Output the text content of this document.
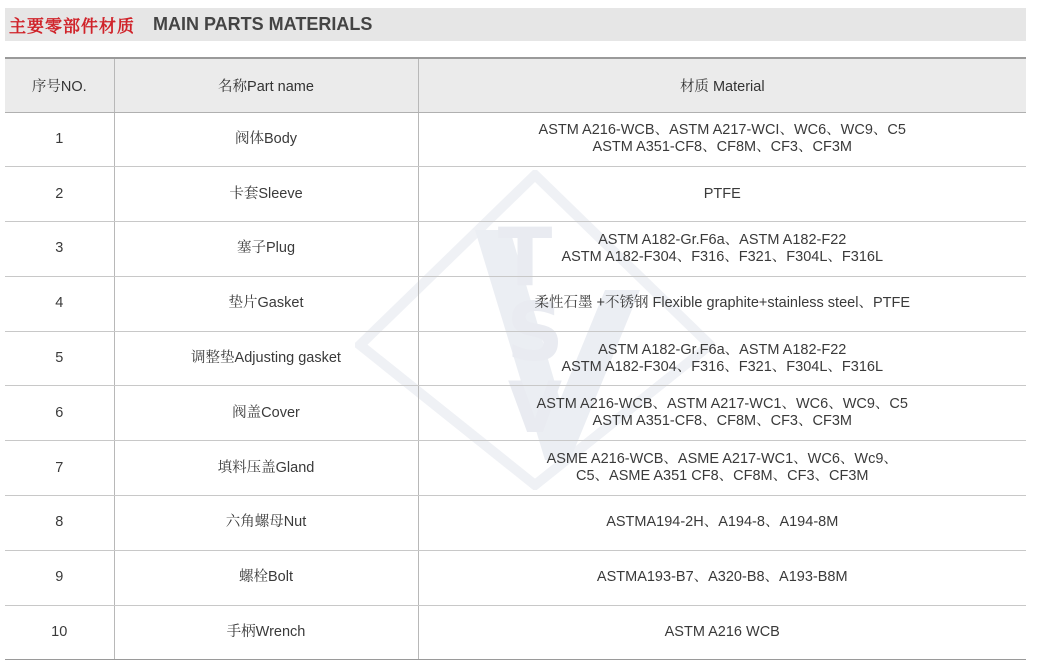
主要零部件材质 MAIN PARTS MATERIALS
T
S
V
序号NO.	名称Part name	材质 Material
1	阀体Body	ASTM A216-WCB、ASTM A217-WCI、WC6、WC9、C5
ASTM A351-CF8、CF8M、CF3、CF3M

2	卡套Sleeve	PTFE

3	塞子Plug	ASTM A182-Gr.F6a、ASTM A182-F22
ASTM A182-F304、F316、F321、F304L、F316L

4	垫片Gasket	柔性石墨 +不锈钢 Flexible graphite+stainless steel、PTFE

5	调整垫Adjusting gasket	ASTM A182-Gr.F6a、ASTM A182-F22
ASTM A182-F304、F316、F321、F304L、F316L

6	阀盖Cover	ASTM A216-WCB、ASTM A217-WC1、WC6、WC9、C5
ASTM A351-CF8、CF8M、CF3、CF3M

7	填料压盖Gland	ASME A216-WCB、ASME A217-WC1、WC6、Wc9、
C5、ASME A351 CF8、CF8M、CF3、CF3M

8	六角螺母Nut	ASTMA194-2H、A194-8、A194-8M

9	螺栓Bolt	ASTMA193-B7、A320-B8、A193-B8M

10	手柄Wrench	ASTM A216 WCB
